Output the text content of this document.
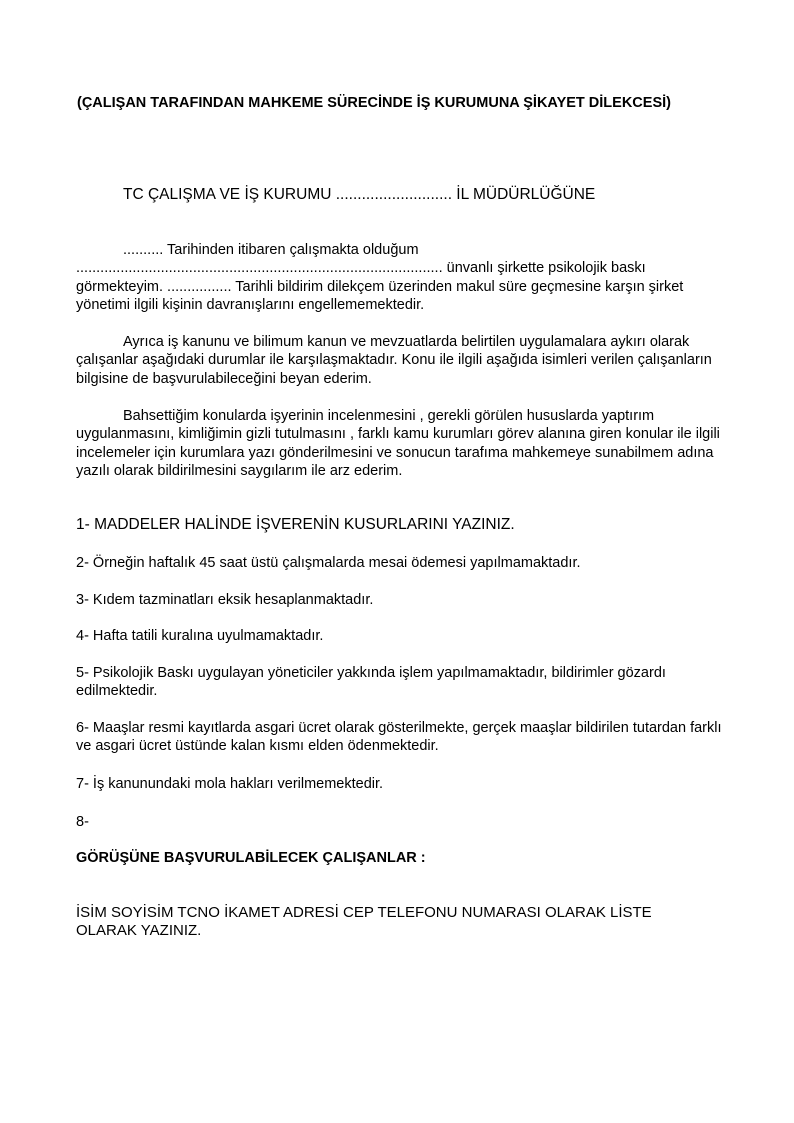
(ÇALIŞAN TARAFINDAN MAHKEME SÜRECİNDE İŞ KURUMUNA ŞİKAYET DİLEKCESİ)

TC ÇALIŞMA VE İŞ KURUMU ........................... İL MÜDÜRLÜĞÜNE

.......... Tarihinden itibaren çalışmakta olduğum ........................................................................................... ünvanlı şirkette psikolojik baskı görmekteyim. ................ Tarihli bildirim dilekçem üzerinden makul süre geçmesine karşın şirket yönetimi ilgili kişinin davranışlarını engellememektedir.

Ayrıca iş kanunu ve bilimum kanun ve mevzuatlarda belirtilen uygulamalara aykırı olarak çalışanlar aşağıdaki durumlar ile karşılaşmaktadır. Konu ile ilgili aşağıda isimleri verilen çalışanların bilgisine de başvurulabileceğini beyan ederim.

Bahsettiğim konularda işyerinin incelenmesini , gerekli görülen hususlarda yaptırım uygulanmasını, kimliğimin gizli tutulmasını , farklı kamu kurumları görev alanına giren konular ile ilgili incelemeler için kurumlara yazı gönderilmesini ve sonucun tarafıma mahkemeye sunabilmem adına yazılı olarak bildirilmesini saygılarım ile arz ederim.

1- MADDELER HALİNDE İŞVERENİN KUSURLARINI YAZINIZ.

2- Örneğin haftalık 45 saat üstü çalışmalarda mesai ödemesi yapılmamaktadır.

3- Kıdem tazminatları eksik hesaplanmaktadır.

4- Hafta tatili kuralına uyulmamaktadır.

5- Psikolojik Baskı uygulayan yöneticiler yakkında işlem yapılmamaktadır, bildirimler gözardı edilmektedir.

6- Maaşlar resmi kayıtlarda asgari ücret olarak gösterilmekte, gerçek maaşlar bildirilen tutardan farklı ve asgari ücret üstünde kalan kısmı elden ödenmektedir.

7- İş kanunundaki mola hakları verilmemektedir.

8-

GÖRÜŞÜNE BAŞVURULABİLECEK ÇALIŞANLAR :

İSİM SOYİSİM TCNO İKAMET ADRESİ CEP TELEFONU NUMARASI OLARAK LİSTE OLARAK YAZINIZ.
